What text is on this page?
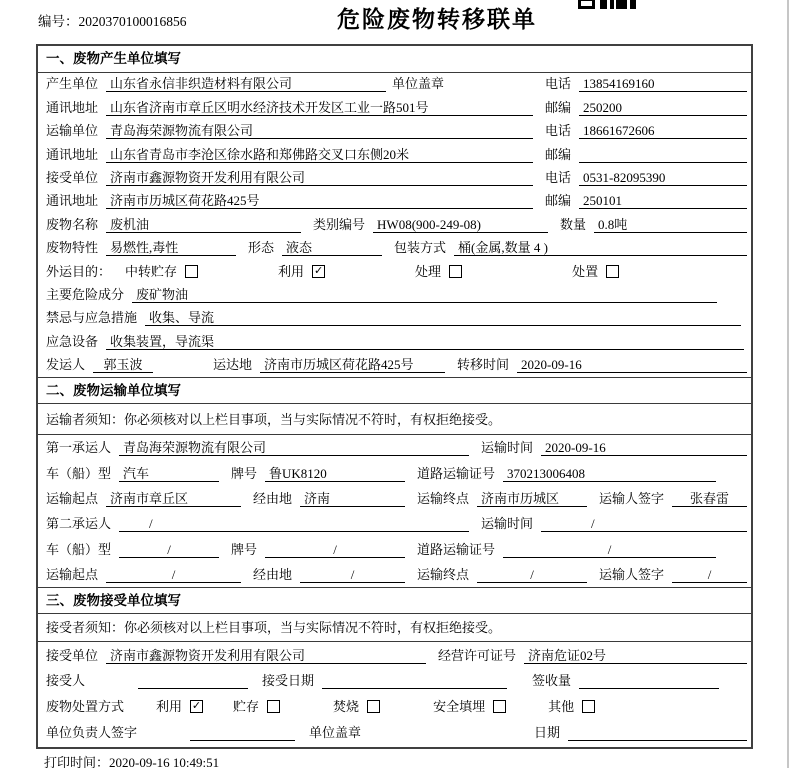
编号：2020370100016856	危险废物转移联单
一、废物产生单位填写
产生单位 山东省永信非织造材料有限公司	单位盖章	电话 13854169160
通讯地址 山东省济南市章丘区明水经济技术开发区工业一路501号	邮编 250200
运输单位 青岛海荣源物流有限公司	电话 18661672606
通讯地址 山东省青岛市李沧区徐水路和郑佛路交叉口东侧20米	邮编
接受单位 济南市鑫源物资开发利用有限公司	电话 0531-82095390
通讯地址 济南市历城区荷花路425号	邮编 250101
废物名称 废机油	类别编号 HW08(900-249-08)	数量 0.8吨
废物特性 易燃性,毒性	形态 液态	包装方式 桶(金属,数量 4 )
外运目的： 中转贮存	利用 ✓	处理	处置
主要危险成分 废矿物油
禁忌与应急措施 收集、导流
应急设备 收集装置，导流渠
发运人	郭玉波	运达地 济南市历城区荷花路425号	转移时间 2020-09-16
二、废物运输单位填写
运输者须知：你必须核对以上栏目事项，当与实际情况不符时，有权拒绝接受。
第一承运人 青岛海荣源物流有限公司	运输时间 2020-09-16
车（船）型 汽车	牌号 鲁UK8120	道路运输证号 370213006408
运输起点 济南市章丘区	经由地 济南	运输终点 济南市历城区	运输人签字	张春雷
第二承运人	/	运输时间	/
车（船）型	/	牌号	/	道路运输证号	/
运输起点	/	经由地	/	运输终点	/	运输人签字	/
三、废物接受单位填写
接受者须知：你必须核对以上栏目事项，当与实际情况不符时，有权拒绝接受。
接受单位 济南市鑫源物资开发利用有限公司	经营许可证号 济南危证02号
接受人	接受日期	签收量
废物处置方式 利用 ✓ 贮存	焚烧	安全填埋	其他
单位负责人签字	单位盖章	日期
打印时间：2020-09-16 10:49:51
